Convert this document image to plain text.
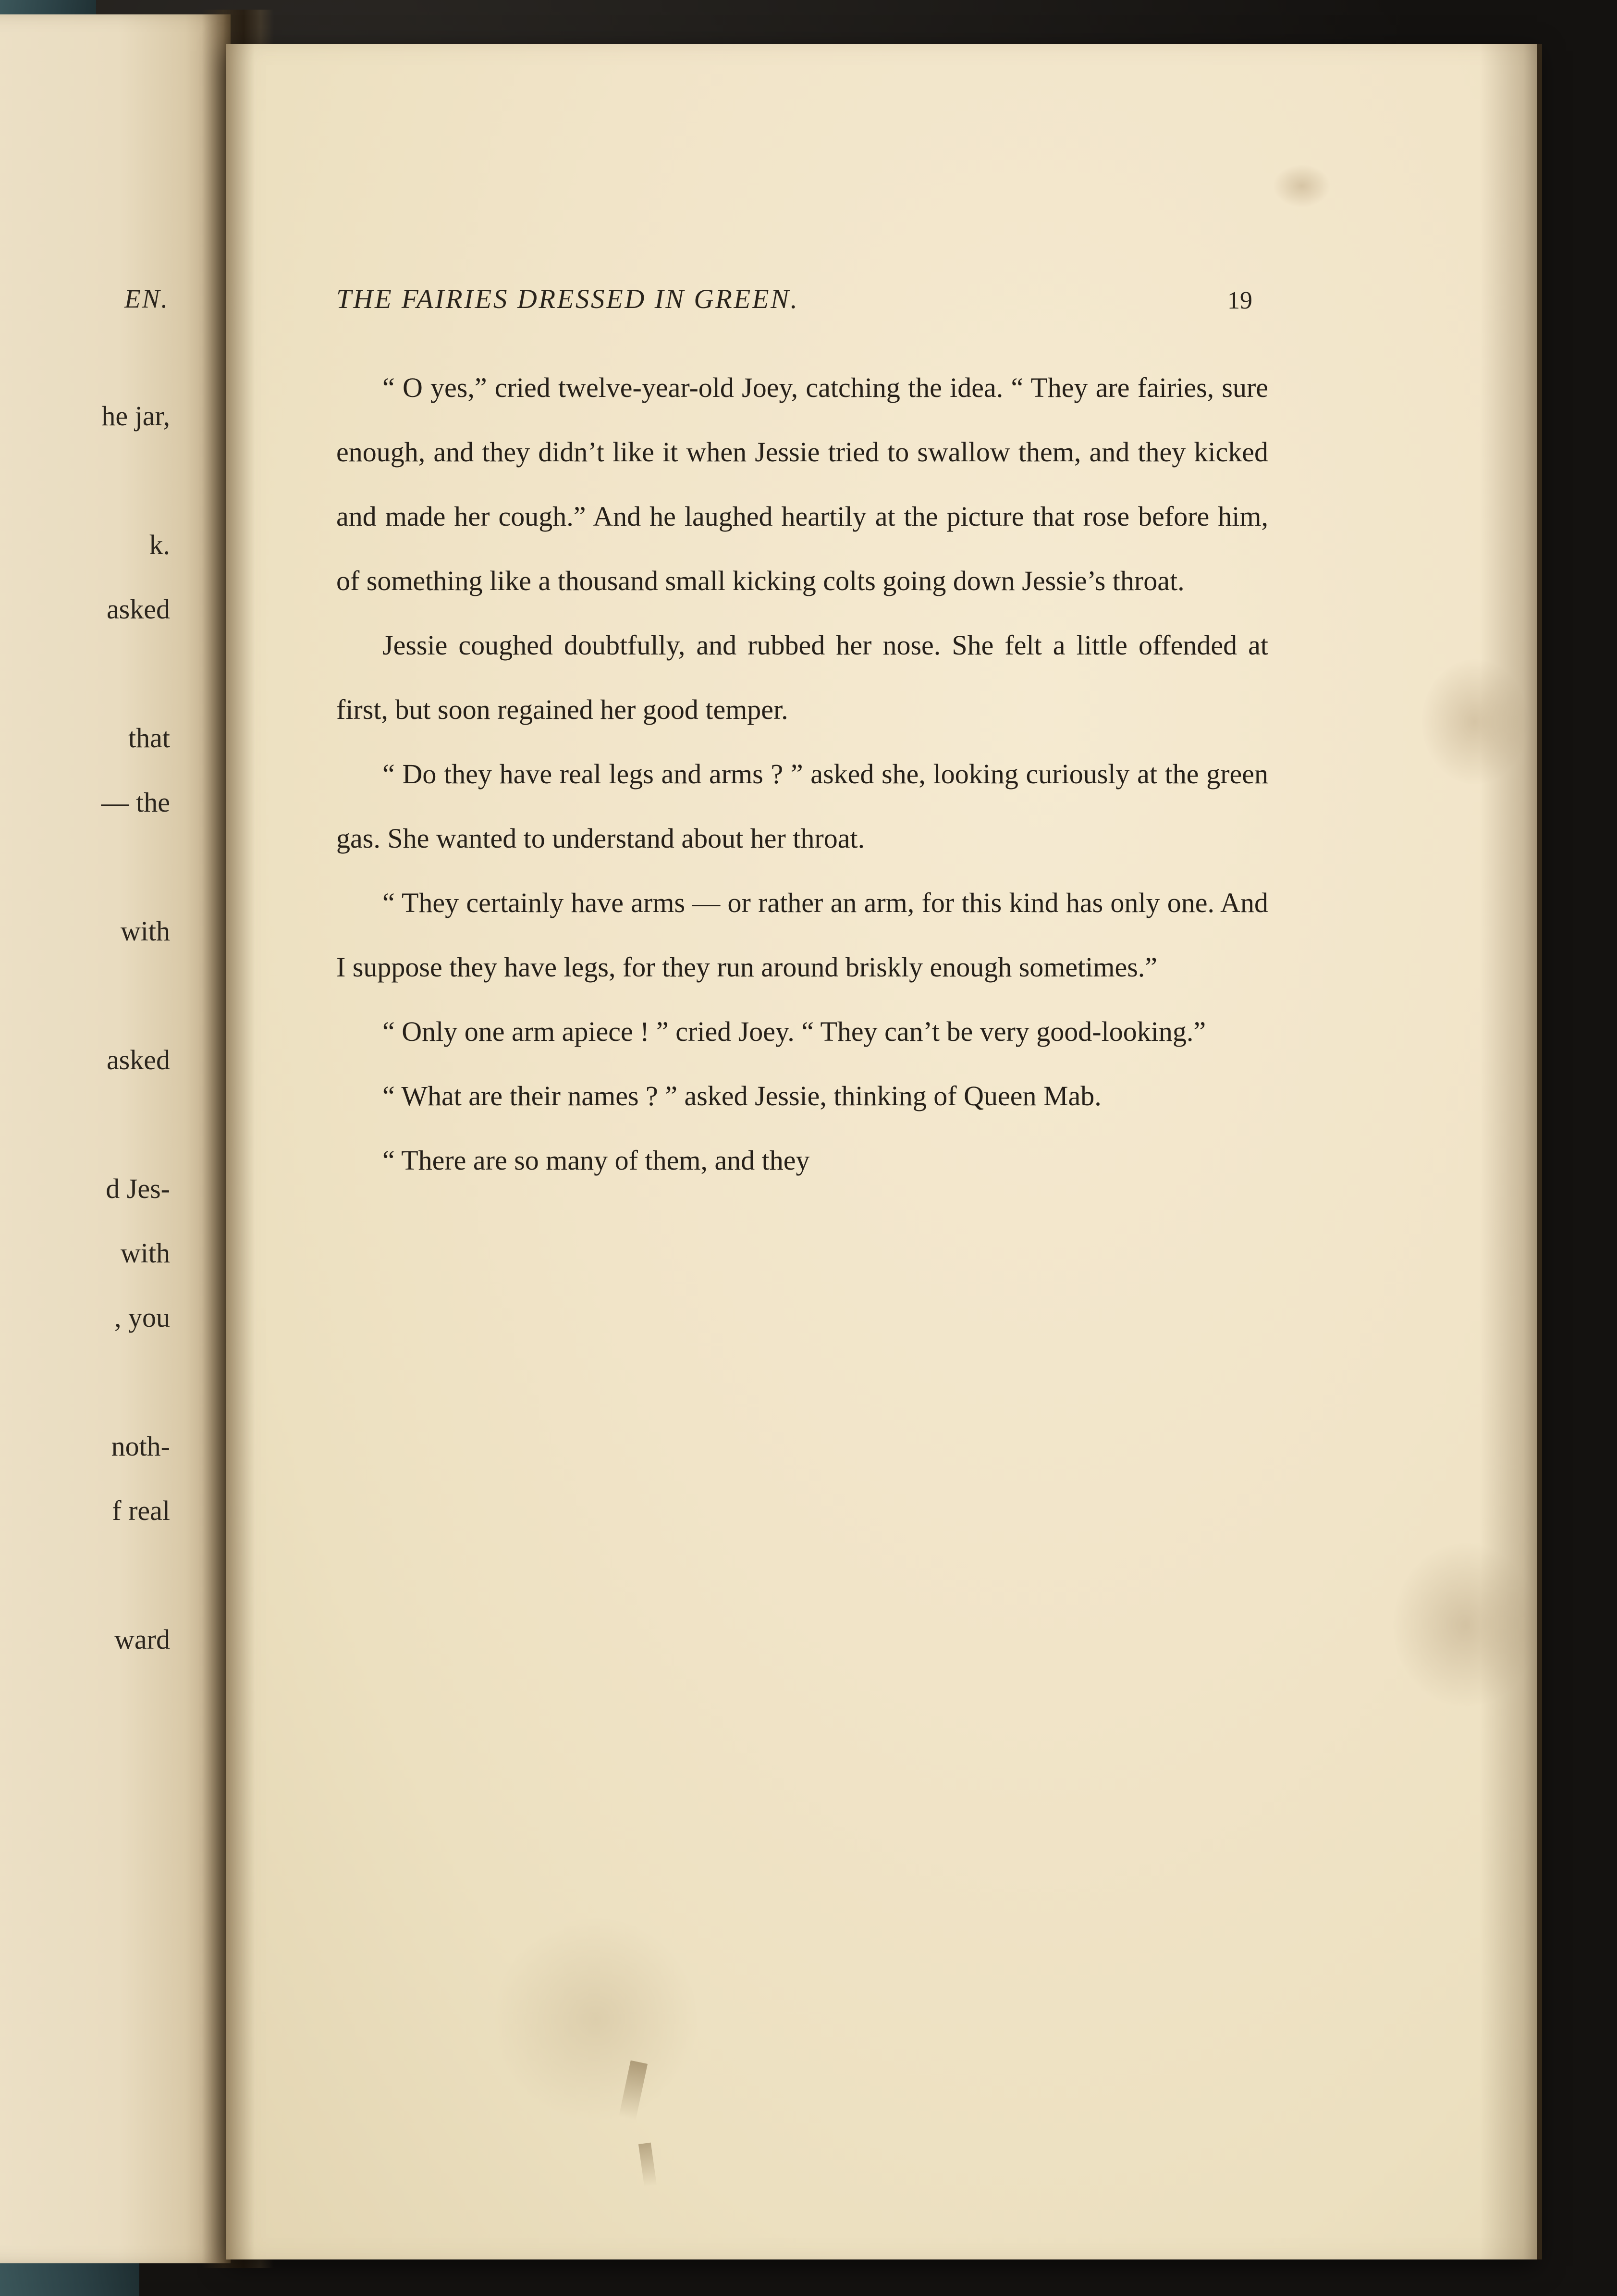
EN.
he jar,
k.
asked
that
— the
with
asked
d Jes-
with
, you
noth-
f real
ward
THE FAIRIES DRESSED IN GREEN.	19

“ O yes,” cried twelve-year-old Joey, catching the idea. “ They are fairies, sure enough, and they didn’t like it when Jessie tried to swallow them, and they kicked and made her cough.” And he laughed heartily at the picture that rose before him, of something like a thousand small kicking colts going down Jessie’s throat.

Jessie coughed doubtfully, and rubbed her nose. She felt a little offended at first, but soon regained her good temper.

“ Do they have real legs and arms ? ” asked she, looking curiously at the green gas. She wanted to understand about her throat.

“ They certainly have arms — or rather an arm, for this kind has only one. And I suppose they have legs, for they run around briskly enough sometimes.”

“ Only one arm apiece ! ” cried Joey. “ They can’t be very good-looking.”

“ What are their names ? ” asked Jessie, thinking of Queen Mab.

“ There are so many of them, and they
